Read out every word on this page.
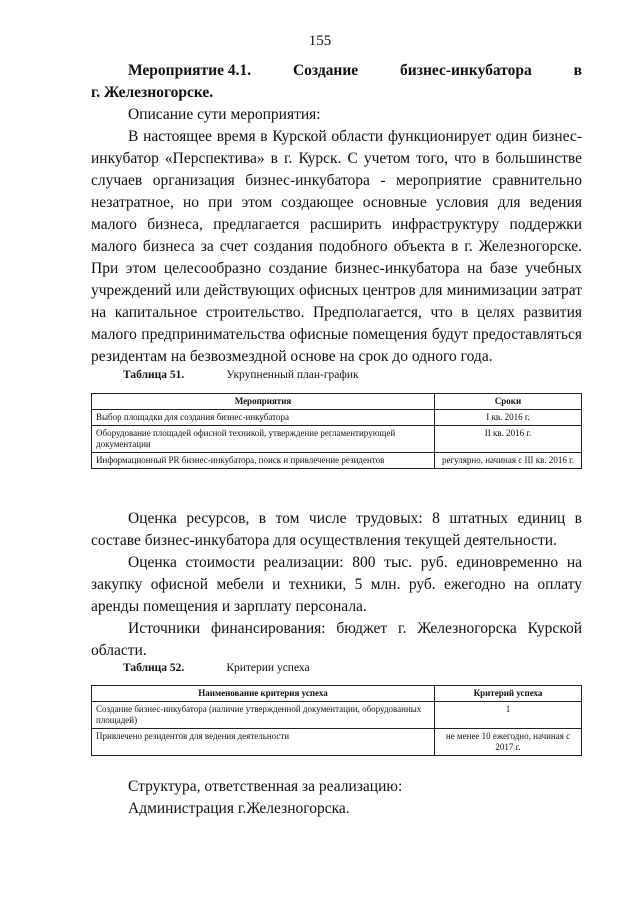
155
Мероприятие 4.1.	Создание	бизнес-инкубатора	в
г. Железногорске.
Описание сути мероприятия:
В настоящее время в Курской области функционирует один бизнес-инкубатор «Перспектива» в г. Курск. С учетом того, что в большинстве случаев организация бизнес-инкубатора - мероприятие сравнительно незатратное, но при этом создающее основные условия для ведения малого бизнеса, предлагается расширить инфраструктуру поддержки малого бизнеса за счет создания подобного объекта в г. Железногорске. При этом целесообразно создание бизнес-инкубатора на базе учебных учреждений или действующих офисных центров для минимизации затрат на капитальное строительство. Предполагается, что в целях развития малого предпринимательства офисные помещения будут предоставляться резидентам на безвозмездной основе на срок до одного года.
Таблица 51.	Укрупненный план-график
Мероприятия	Сроки
Выбор площадки для создания бизнес-инкубатора	I кв. 2016 г.
Оборудование площадей офисной техникой, утверждение регламентирующей документации	II кв. 2016 г.
Информационный PR бизнес-инкубатора, поиск и привлечение резидентов	регулярно, начиная с III кв. 2016 г.
Оценка ресурсов, в том числе трудовых: 8 штатных единиц в составе бизнес-инкубатора для осуществления текущей деятельности.
Оценка стоимости реализации: 800 тыс. руб. единовременно на закупку офисной мебели и техники, 5 млн. руб. ежегодно на оплату аренды помещения и зарплату персонала.
Источники финансирования: бюджет г. Железногорска Курской области.
Таблица 52.	Критерии успеха
Наименование критерия успеха	Критерий успеха
Создание бизнес-инкубатора (наличие утвержденной документации, оборудованных площадей)	1
Привлечено резидентов для ведения деятельности	не менее 10 ежегодно, начиная с 2017 г.
Структура, ответственная за реализацию:
Администрация г.Железногорска.
